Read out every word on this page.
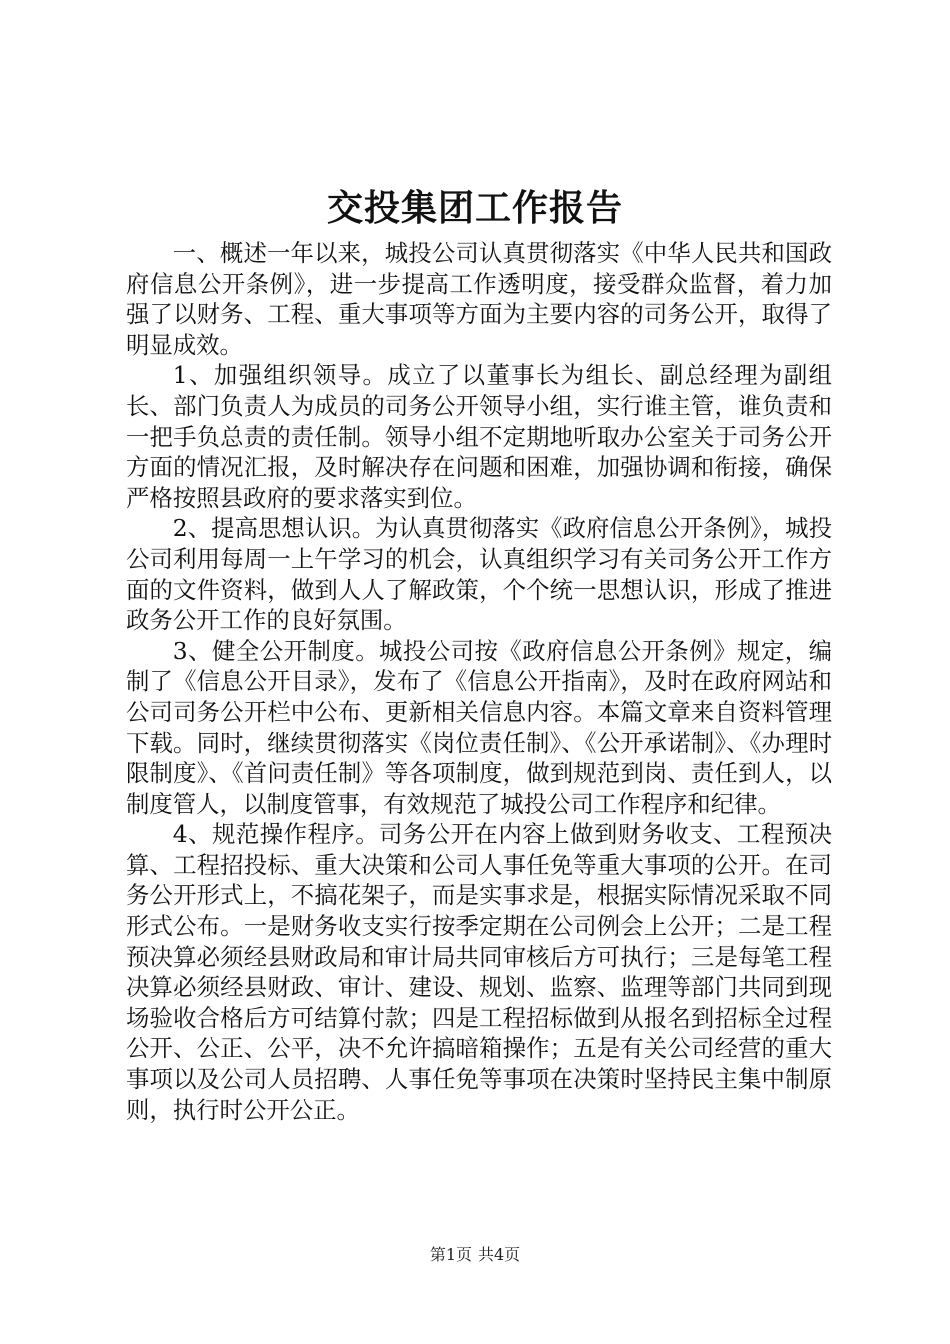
交投集团工作报告

一、概述一年以来，城投公司认真贯彻落实《中华人民共和国政府信息公开条例》，进一步提高工作透明度，接受群众监督，着力加强了以财务、工程、重大事项等方面为主要内容的司务公开，取得了明显成效。

1、加强组织领导。成立了以董事长为组长、副总经理为副组长、部门负责人为成员的司务公开领导小组，实行谁主管，谁负责和一把手负总责的责任制。领导小组不定期地听取办公室关于司务公开方面的情况汇报，及时解决存在问题和困难，加强协调和衔接，确保严格按照县政府的要求落实到位。

2、提高思想认识。为认真贯彻落实《政府信息公开条例》，城投公司利用每周一上午学习的机会，认真组织学习有关司务公开工作方面的文件资料，做到人人了解政策，个个统一思想认识，形成了推进政务公开工作的良好氛围。

3、健全公开制度。城投公司按《政府信息公开条例》规定，编制了《信息公开目录》，发布了《信息公开指南》，及时在政府网站和公司司务公开栏中公布、更新相关信息内容。本篇文章来自资料管理下载。同时，继续贯彻落实《岗位责任制》、《公开承诺制》、《办理时限制度》、《首问责任制》等各项制度，做到规范到岗、责任到人，以制度管人，以制度管事，有效规范了城投公司工作程序和纪律。

4、规范操作程序。司务公开在内容上做到财务收支、工程预决算、工程招投标、重大决策和公司人事任免等重大事项的公开。在司务公开形式上，不搞花架子，而是实事求是，根据实际情况采取不同形式公布。一是财务收支实行按季定期在公司例会上公开；二是工程预决算必须经县财政局和审计局共同审核后方可执行；三是每笔工程决算必须经县财政、审计、建设、规划、监察、监理等部门共同到现场验收合格后方可结算付款；四是工程招标做到从报名到招标全过程公开、公正、公平，决不允许搞暗箱操作；五是有关公司经营的重大事项以及公司人员招聘、人事任免等事项在决策时坚持民主集中制原则，执行时公开公正。

第1页 共4页
